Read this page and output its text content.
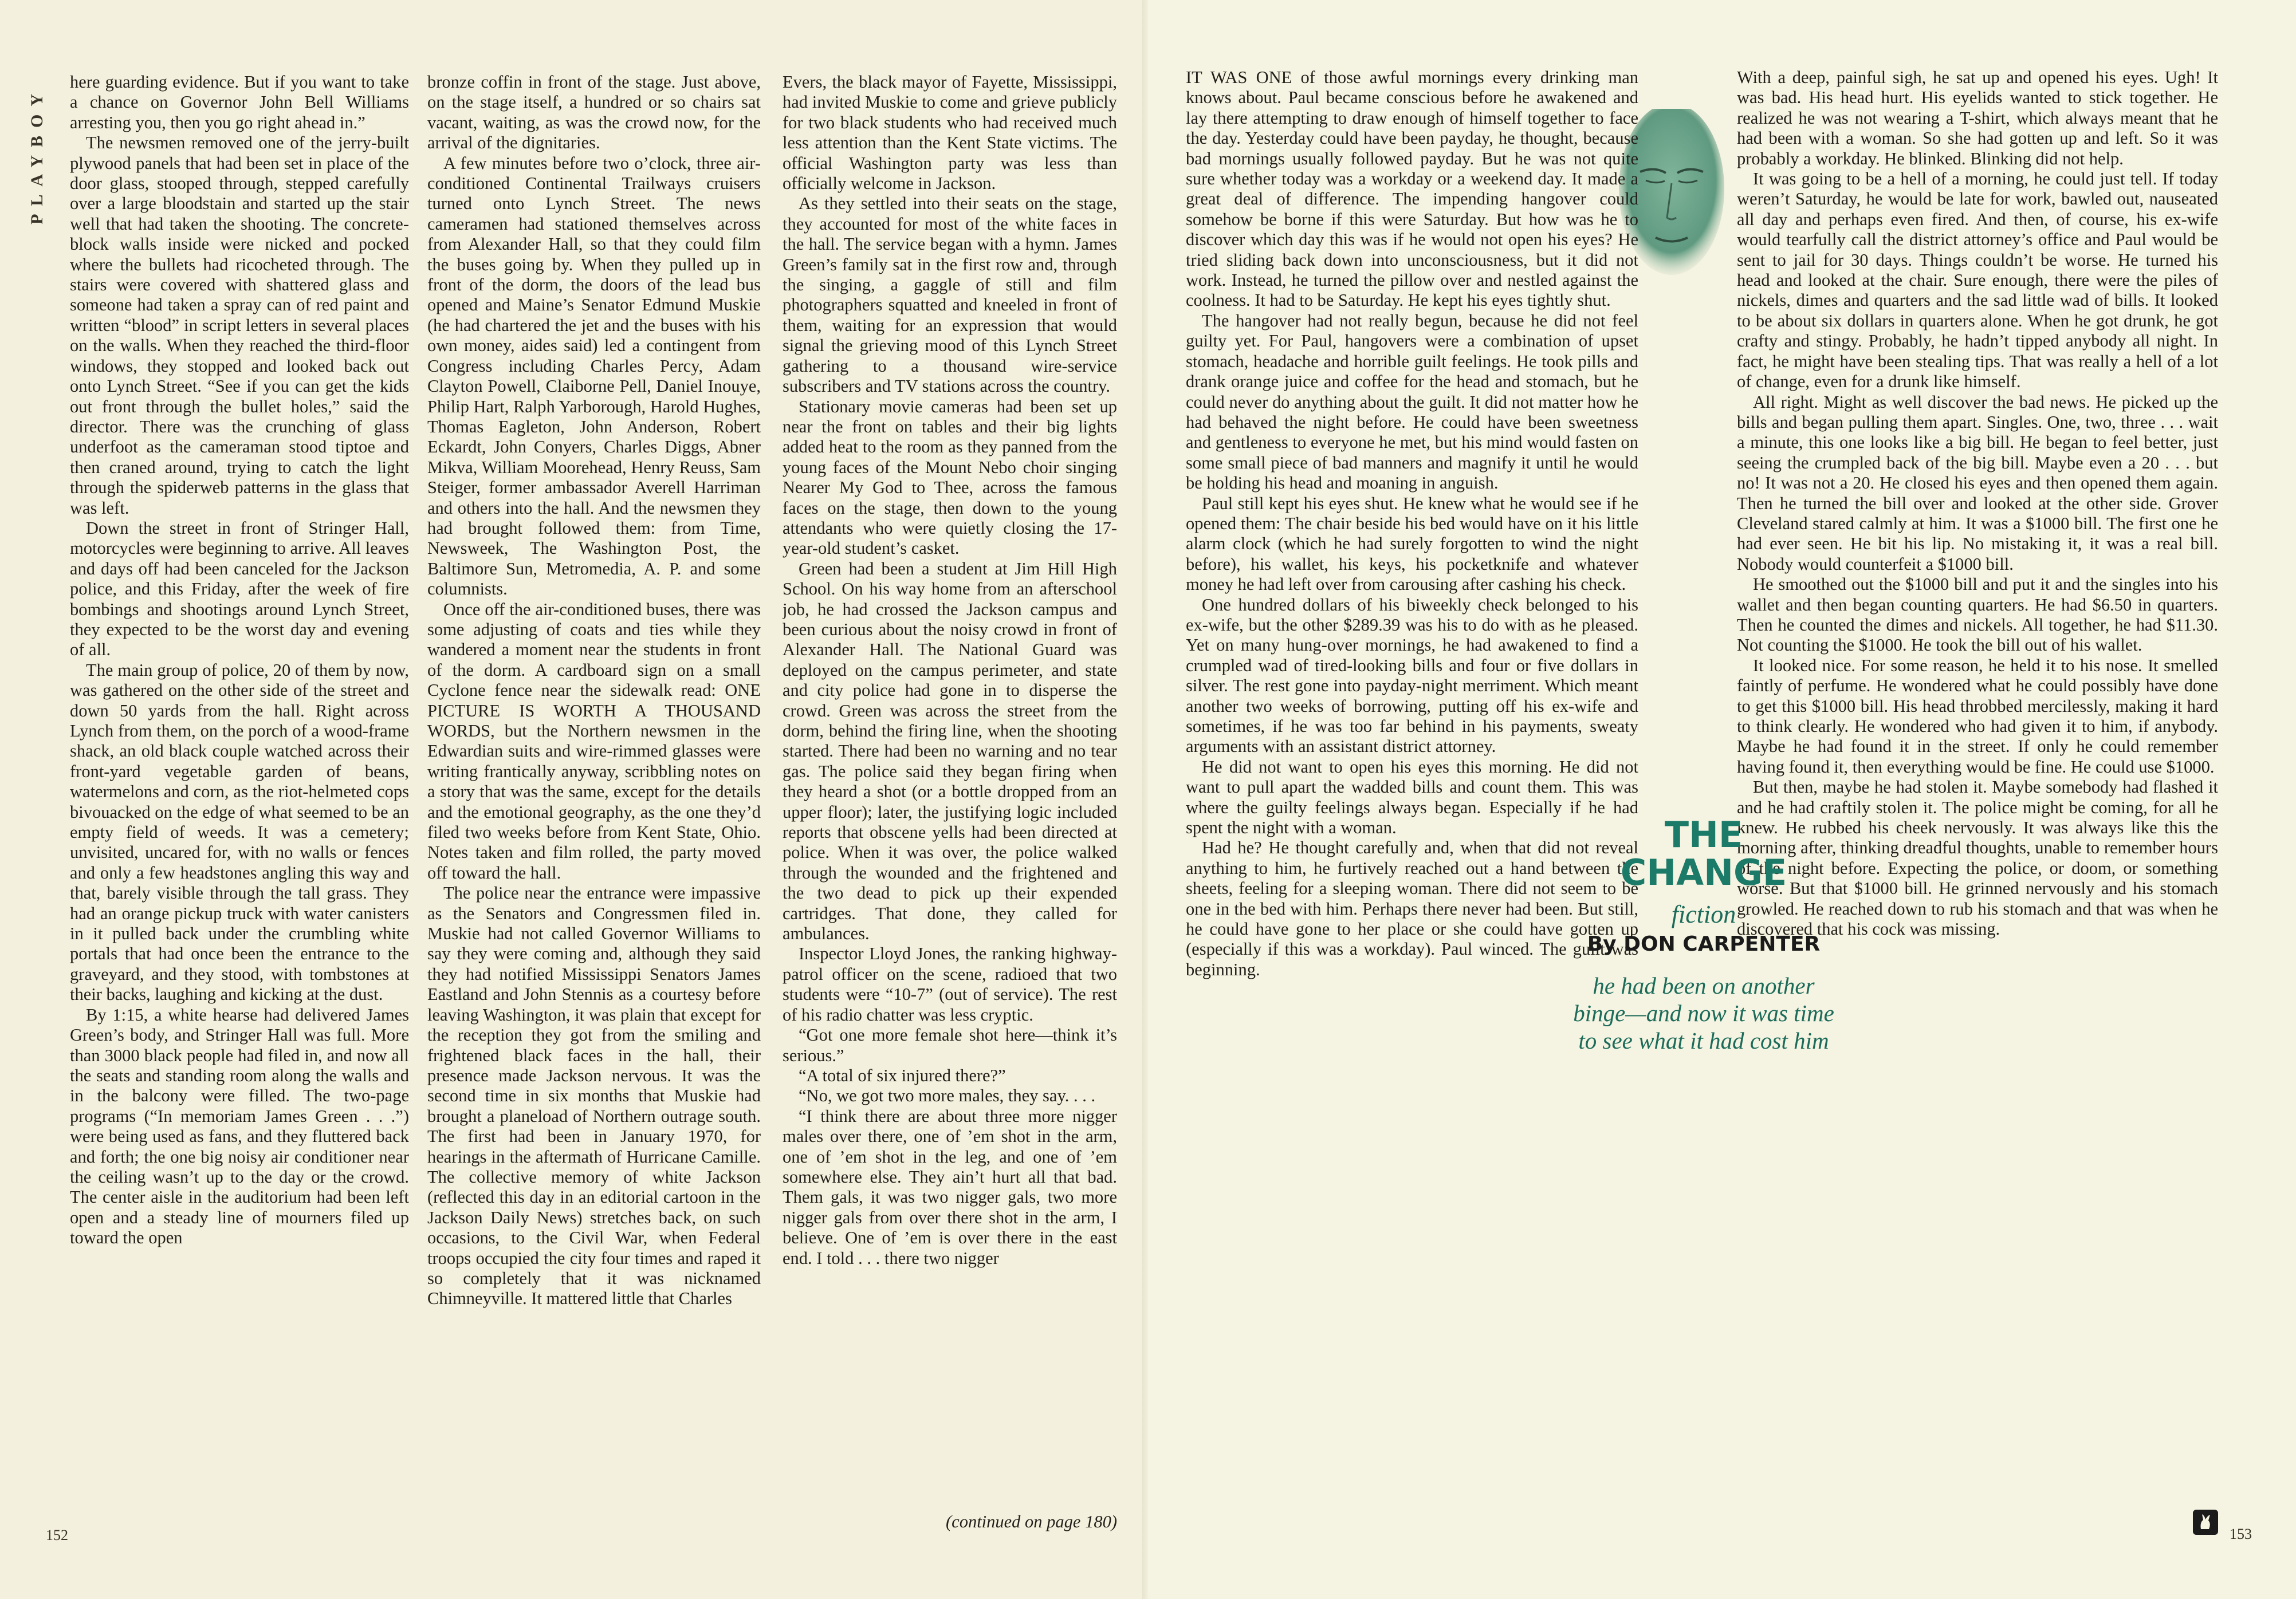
PLAYBOY

here guarding evidence. But if you want to take a chance on Governor John Bell Williams arresting you, then you go right ahead in.”

The newsmen removed one of the jerry-built plywood panels that had been set in place of the door glass, stooped through, stepped carefully over a large bloodstain and started up the stair well that had taken the shooting. The concrete-block walls inside were nicked and pocked where the bullets had ricocheted through. The stairs were covered with shattered glass and someone had taken a spray can of red paint and written “blood” in script letters in several places on the walls. When they reached the third-floor windows, they stopped and looked back out onto Lynch Street. “See if you can get the kids out front through the bullet holes,” said the director. There was the crunching of glass underfoot as the cameraman stood tiptoe and then craned around, trying to catch the light through the spiderweb patterns in the glass that was left.

Down the street in front of Stringer Hall, motorcycles were beginning to arrive. All leaves and days off had been canceled for the Jackson police, and this Friday, after the week of fire bombings and shootings around Lynch Street, they expected to be the worst day and evening of all.

The main group of police, 20 of them by now, was gathered on the other side of the street and down 50 yards from the hall. Right across Lynch from them, on the porch of a wood-frame shack, an old black couple watched across their front-yard vegetable garden of beans, watermelons and corn, as the riot-helmeted cops bivouacked on the edge of what seemed to be an empty field of weeds. It was a cemetery; unvisited, uncared for, with no walls or fences and only a few headstones angling this way and that, barely visible through the tall grass. They had an orange pickup truck with water canisters in it pulled back under the crumbling white portals that had once been the entrance to the graveyard, and they stood, with tombstones at their backs, laughing and kicking at the dust.

By 1:15, a white hearse had delivered James Green’s body, and Stringer Hall was full. More than 3000 black people had filed in, and now all the seats and standing room along the walls and in the balcony were filled. The two-page programs (“In memoriam James Green . . .”) were being used as fans, and they fluttered back and forth; the one big noisy air conditioner near the ceiling wasn’t up to the day or the crowd. The center aisle in the auditorium had been left open and a steady line of mourners filed up toward the open

bronze coffin in front of the stage. Just above, on the stage itself, a hundred or so chairs sat vacant, waiting, as was the crowd now, for the arrival of the dignitaries.

A few minutes before two o’clock, three air-conditioned Continental Trailways cruisers turned onto Lynch Street. The news cameramen had stationed themselves across from Alexander Hall, so that they could film the buses going by. When they pulled up in front of the dorm, the doors of the lead bus opened and Maine’s Senator Edmund Muskie (he had chartered the jet and the buses with his own money, aides said) led a contingent from Congress including Charles Percy, Adam Clayton Powell, Claiborne Pell, Daniel Inouye, Philip Hart, Ralph Yarborough, Harold Hughes, Thomas Eagleton, John Anderson, Robert Eckardt, John Conyers, Charles Diggs, Abner Mikva, William Moorehead, Henry Reuss, Sam Steiger, former ambassador Averell Harriman and others into the hall. And the newsmen they had brought followed them: from Time, Newsweek, The Washington Post, the Baltimore Sun, Metromedia, A. P. and some columnists.

Once off the air-conditioned buses, there was some adjusting of coats and ties while they wandered a moment near the students in front of the dorm. A cardboard sign on a small Cyclone fence near the sidewalk read: ONE PICTURE IS WORTH A THOUSAND WORDS, but the Northern newsmen in the Edwardian suits and wire-rimmed glasses were writing frantically anyway, scribbling notes on a story that was the same, except for the details and the emotional geography, as the one they’d filed two weeks before from Kent State, Ohio. Notes taken and film rolled, the party moved off toward the hall.

The police near the entrance were impassive as the Senators and Congressmen filed in. Muskie had not called Governor Williams to say they were coming and, although they said they had notified Mississippi Senators James Eastland and John Stennis as a courtesy before leaving Washington, it was plain that except for the reception they got from the smiling and frightened black faces in the hall, their presence made Jackson nervous. It was the second time in six months that Muskie had brought a planeload of Northern outrage south. The first had been in January 1970, for hearings in the aftermath of Hurricane Camille. The collective memory of white Jackson (reflected this day in an editorial cartoon in the Jackson Daily News) stretches back, on such occasions, to the Civil War, when Federal troops occupied the city four times and raped it so completely that it was nicknamed Chimneyville. It mattered little that Charles

Evers, the black mayor of Fayette, Mississippi, had invited Muskie to come and grieve publicly for two black students who had received much less attention than the Kent State victims. The official Washington party was less than officially welcome in Jackson.

As they settled into their seats on the stage, they accounted for most of the white faces in the hall. The service began with a hymn. James Green’s family sat in the first row and, through the singing, a gaggle of still and film photographers squatted and kneeled in front of them, waiting for an expression that would signal the grieving mood of this Lynch Street gathering to a thousand wire-service subscribers and TV stations across the country.

Stationary movie cameras had been set up near the front on tables and their big lights added heat to the room as they panned from the young faces of the Mount Nebo choir singing Nearer My God to Thee, across the famous faces on the stage, then down to the young attendants who were quietly closing the 17-year-old student’s casket.

Green had been a student at Jim Hill High School. On his way home from an afterschool job, he had crossed the Jackson campus and been curious about the noisy crowd in front of Alexander Hall. The National Guard was deployed on the campus perimeter, and state and city police had gone in to disperse the crowd. Green was across the street from the dorm, behind the firing line, when the shooting started. There had been no warning and no tear gas. The police said they began firing when they heard a shot (or a bottle dropped from an upper floor); later, the justifying logic included reports that obscene yells had been directed at police. When it was over, the police walked through the wounded and the frightened and the two dead to pick up their expended cartridges. That done, they called for ambulances.

Inspector Lloyd Jones, the ranking highway-patrol officer on the scene, radioed that two students were “10-7” (out of service). The rest of his radio chatter was less cryptic.

“Got one more female shot here—think it’s serious.”

“A total of six injured there?”

“No, we got two more males, they say. . . .

“I think there are about three more nigger males over there, one of ’em shot in the arm, one of ’em shot in the leg, and one of ’em somewhere else. They ain’t hurt all that bad. Them gals, it was two nigger gals, two more nigger gals from over there shot in the arm, I believe. One of ’em is over there in the east end. I told . . . there two nigger

(continued on page 180)
152

IT WAS ONE of those awful mornings every drinking man knows about. Paul became conscious before he awakened and lay there attempting to draw enough of himself together to face the day. Yesterday could have been payday, he thought, because bad mornings usually followed payday. But he was not quite sure whether today was a workday or a weekend day. It made a great deal of difference. The impending hangover could somehow be borne if this were Saturday. But how was he to discover which day this was if he would not open his eyes? He tried sliding back down into unconsciousness, but it did not work. Instead, he turned the pillow over and nestled against the coolness. It had to be Saturday. He kept his eyes tightly shut.

The hangover had not really begun, because he did not feel guilty yet. For Paul, hangovers were a combination of upset stomach, headache and horrible guilt feelings. He took pills and drank orange juice and coffee for the head and stomach, but he could never do anything about the guilt. It did not matter how he had behaved the night before. He could have been sweetness and gentleness to everyone he met, but his mind would fasten on some small piece of bad manners and magnify it until he would be holding his head and moaning in anguish.

Paul still kept his eyes shut. He knew what he would see if he opened them: The chair beside his bed would have on it his little alarm clock (which he had surely forgotten to wind the night before), his wallet, his keys, his pocketknife and whatever money he had left over from carousing after cashing his check.

One hundred dollars of his biweekly check belonged to his ex-wife, but the other $289.39 was his to do with as he pleased. Yet on many hung-over mornings, he had awakened to find a crumpled wad of tired-looking bills and four or five dollars in silver. The rest gone into payday-night merriment. Which meant another two weeks of borrowing, putting off his ex-wife and sometimes, if he was too far behind in his payments, sweaty arguments with an assistant district attorney.

He did not want to open his eyes this morning. He did not want to pull apart the wadded bills and count them. This was where the guilty feelings always began. Especially if he had spent the night with a woman.

Had he? He thought carefully and, when that did not reveal anything to him, he furtively reached out a hand between the sheets, feeling for a sleeping woman. There did not seem to be one in the bed with him. Perhaps there never had been. But still, he could have gone to her place or she could have gotten up (especially if this was a workday). Paul winced. The guilt was beginning.

With a deep, painful sigh, he sat up and opened his eyes. Ugh! It was bad. His head hurt. His eyelids wanted to stick together. He realized he was not wearing a T-shirt, which always meant that he had been with a woman. So she had gotten up and left. So it was probably a workday. He blinked. Blinking did not help.

It was going to be a hell of a morning, he could just tell. If today weren’t Saturday, he would be late for work, bawled out, nauseated all day and perhaps even fired. And then, of course, his ex-wife would tearfully call the district attorney’s office and Paul would be sent to jail for 30 days. Things couldn’t be worse. He turned his head and looked at the chair. Sure enough, there were the piles of nickels, dimes and quarters and the sad little wad of bills. It looked to be about six dollars in quarters alone. When he got drunk, he got crafty and stingy. Probably, he hadn’t tipped anybody all night. In fact, he might have been stealing tips. That was really a hell of a lot of change, even for a drunk like himself.

All right. Might as well discover the bad news. He picked up the bills and began pulling them apart. Singles. One, two, three . . . wait a minute, this one looks like a big bill. He began to feel better, just seeing the crumpled back of the big bill. Maybe even a 20 . . . but no! It was not a 20. He closed his eyes and then opened them again. Then he turned the bill over and looked at the other side. Grover Cleveland stared calmly at him. It was a $1000 bill. The first one he had ever seen. He bit his lip. No mistaking it, it was a real bill. Nobody would counterfeit a $1000 bill.

He smoothed out the $1000 bill and put it and the singles into his wallet and then began counting quarters. He had $6.50 in quarters. Then he counted the dimes and nickels. All together, he had $11.30. Not counting the $1000. He took the bill out of his wallet.

It looked nice. For some reason, he held it to his nose. It smelled faintly of perfume. He wondered what he could possibly have done to get this $1000 bill. His head throbbed mercilessly, making it hard to think clearly. He wondered who had given it to him, if anybody. Maybe he had found it in the street. If only he could remember having found it, then everything would be fine. He could use $1000.

But then, maybe he had stolen it. Maybe somebody had flashed it and he had craftily stolen it. The police might be coming, for all he knew. He rubbed his cheek nervously. It was always like this the morning after, thinking dreadful thoughts, unable to remember hours of the night before. Expecting the police, or doom, or something worse. But that $1000 bill. He grinned nervously and his stomach growled. He reached down to rub his stomach and that was when he discovered that his cock was missing.

THE
CHANGE
fiction
By DON CARPENTER
he had been on another binge—and now it was time to see what it had cost him
153
